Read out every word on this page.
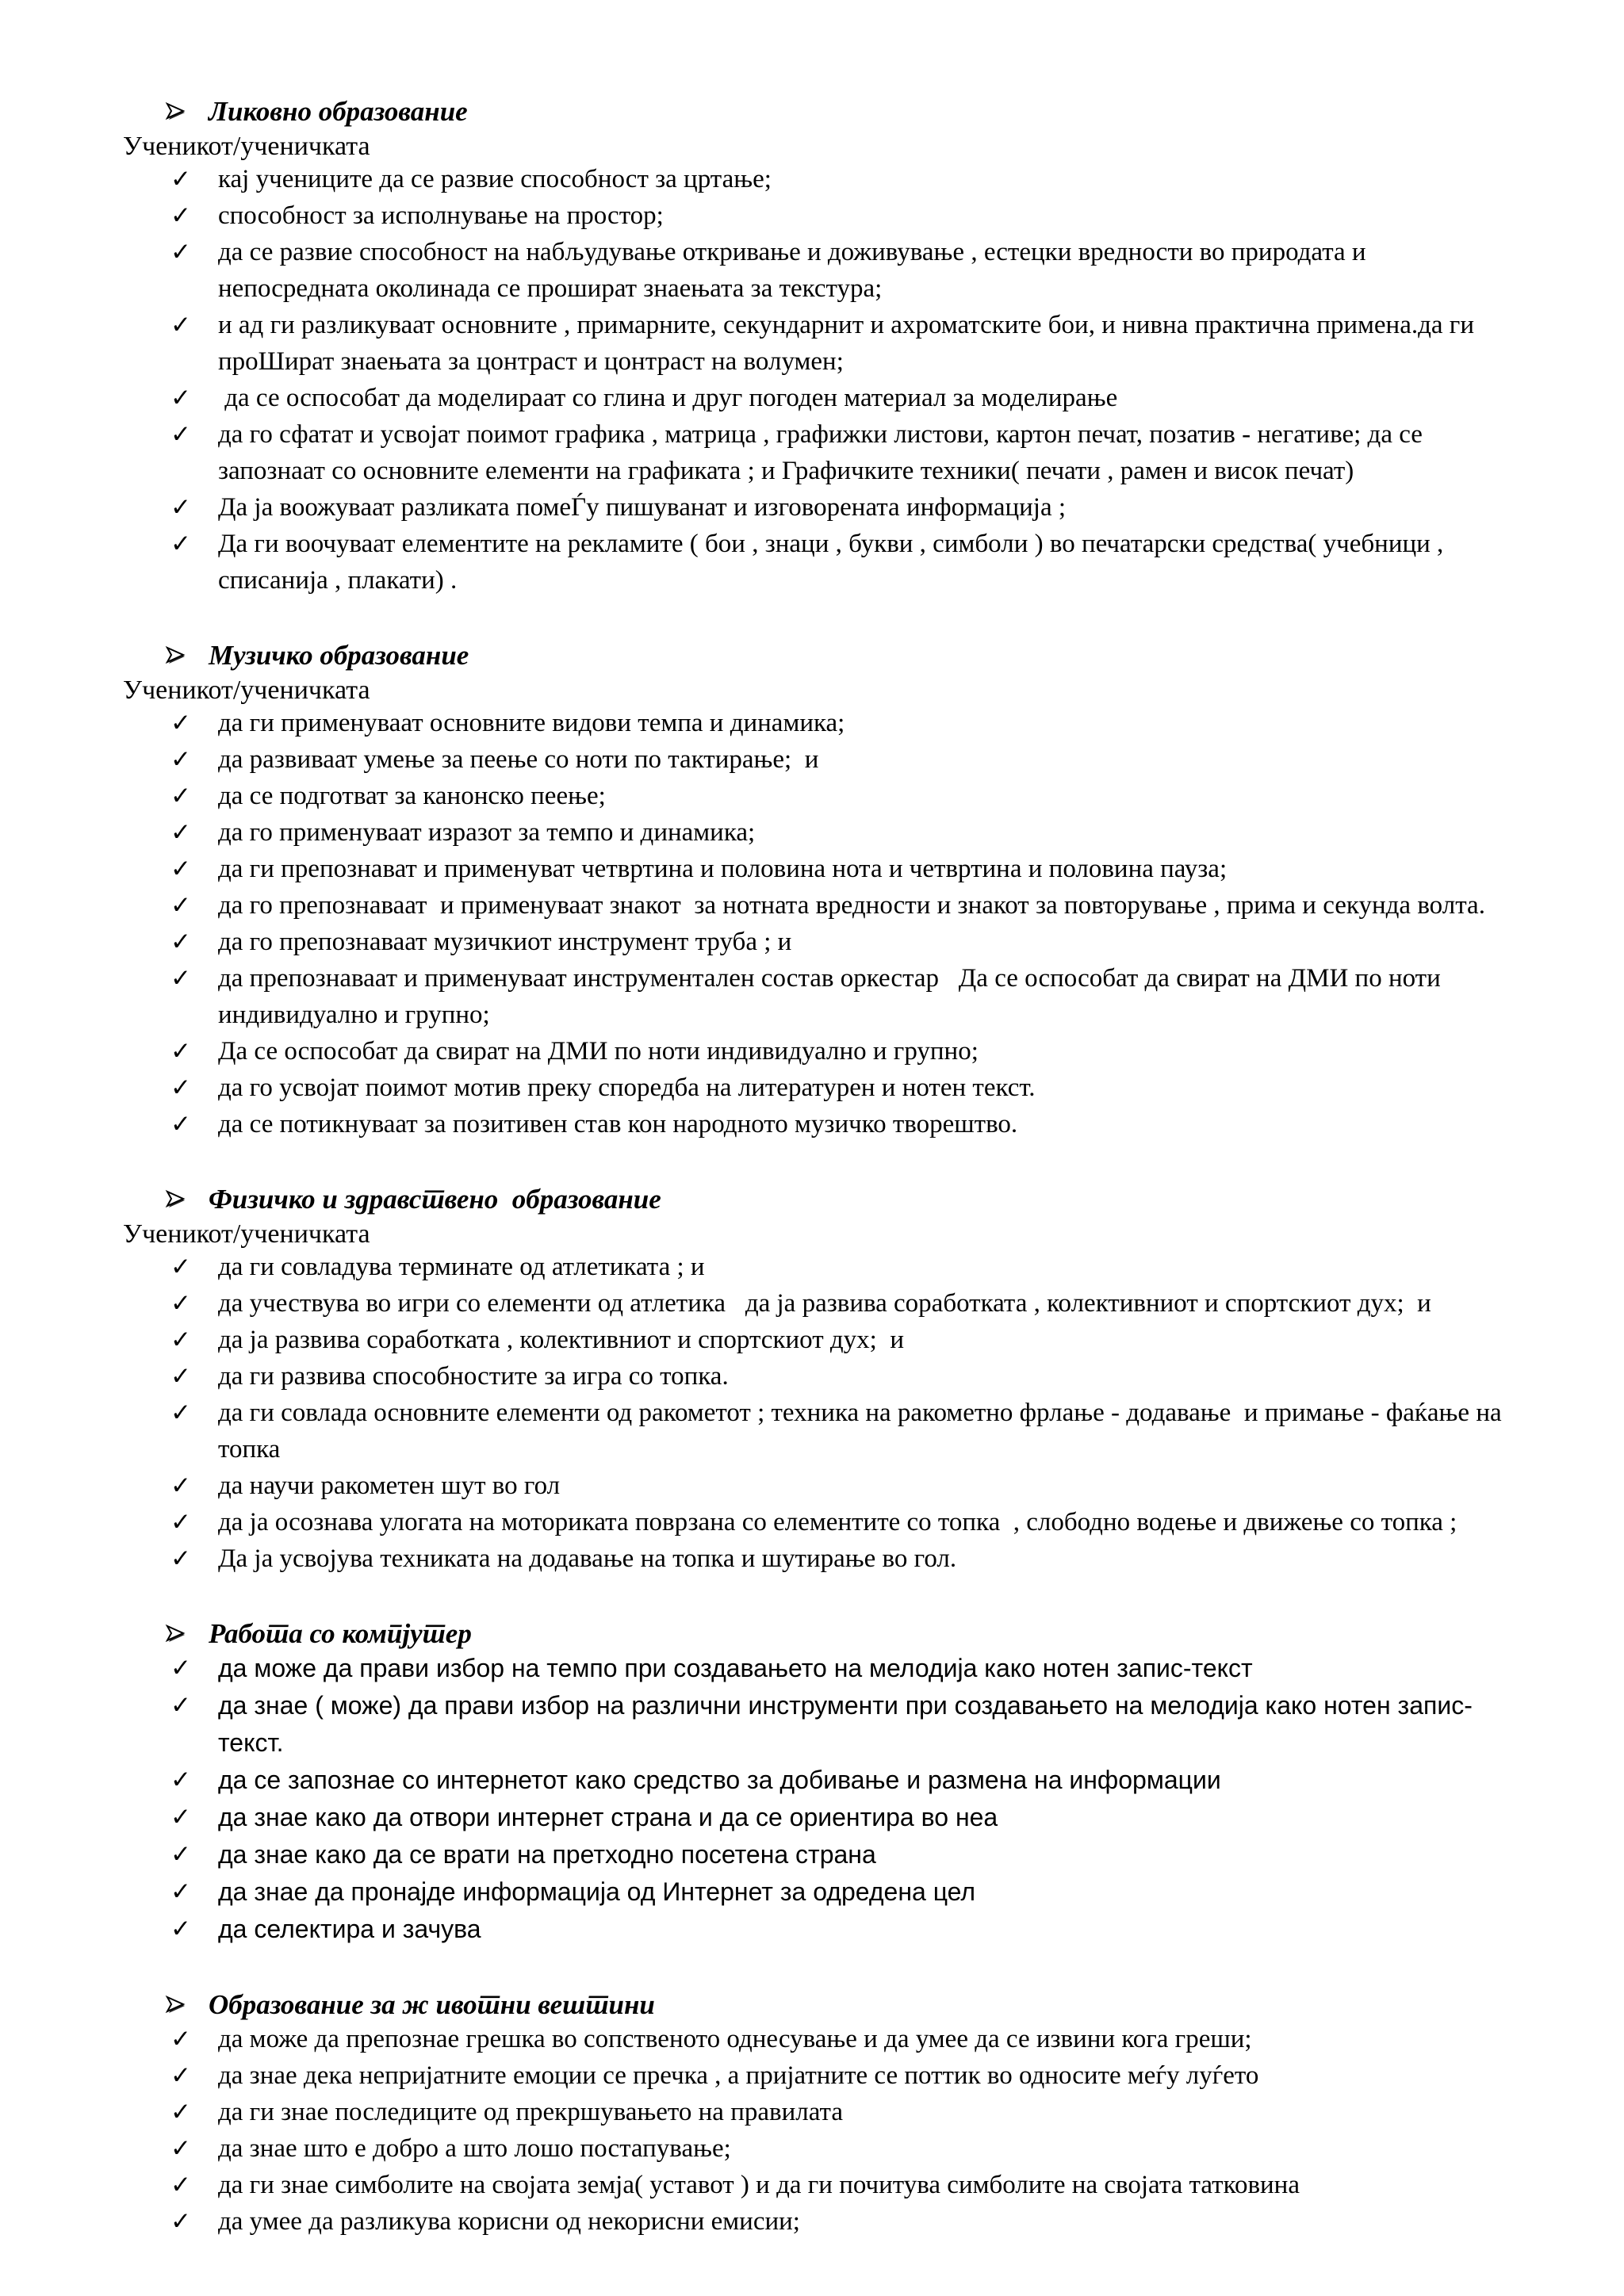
Ликовно образование

Ученикот/ученичката

✓ кај учениците да се развие способност за цртање;
✓ способност за исполнување на простор;
✓ да се развие способност на набљудување откривање и доживување , естецки вредности во природата и непосредната околинада се прошират знаењата за текстура;
✓ и ад ги разликуваат основните , примарните, секундарнит и ахроматските бои, и нивна практична примена.да ги проШират знаењата за цонтраст и цонтраст на волумен;
✓ да се оспособат да моделираат со глина и друг погоден материал за моделирање
✓ да го сфатат и усвојат поимот графика , матрица , графижки листови, картон печат, позатив - негативе; да се запознаат со основните елементи на графиката ; и Графичките техники( печати , рамен и висок печат)
✓ Да ја воожуваат разликата помеЃу пишуванат и изговорената информација ;
✓ Да ги воочуваат елементите на рекламите ( бои , знаци , букви , симболи ) во печатарски средства( учебници , списанија , плакати) .
Музичко образование

Ученикот/ученичката

✓ да ги применуваат основните видови темпа и динамика;
✓ да развиваат умење за пеење со ноти по тактирање;  и
✓ да се подготват за канонско пеење;
✓ да го применуваат изразот за темпо и динамика;
✓ да ги препознават и применуват четвртина и половина нота и четвртина и половина пауза;
✓ да го препознаваат  и применуваат знакот  за нотната вредности и знакот за повторување , прима и секунда волта.
✓ да го препознаваат музичкиот инструмент труба ; и
✓ да препознаваат и применуваат инструментален состав оркестар   Да се оспособат да свират на ДМИ по ноти индивидуално и групно;
✓ Да се оспособат да свират на ДМИ по ноти индивидуално и групно;
✓ да го усвојат поимот мотив преку споредба на литературен и нотен текст.
✓ да се потикнуваат за позитивен став кон народното музичко творештво.
Физичко и здравствено  образование

Ученикот/ученичката

✓ да ги совладува терминате од атлетиката ; и
✓ да учествува во игри со елементи од атлетика   да ја развива соработката , колективниот и спортскиот дух;  и
✓ да ја развива соработката , колективниот и спортскиот дух;  и
✓ да ги развива способностите за игра со топка.
✓ да ги совлада основните елементи од ракометот ; техника на ракометно фрлање - додавање  и примање - фаќање на топка
✓ да научи ракометен шут во гол
✓ да ја осознава улогата на моториката поврзана со елементите со топка  , слободно водење и движење со топка ;
✓ Да ја усвојува техниката на додавање на топка и шутирање во гол.
Работа со компјутер
✓ да може да прави избор на темпо при создавањето на мелодија како нотен запис-текст
✓ да знае ( може) да прави избор на различни инструменти при создавањето на мелодија како нотен запис-текст.
✓ да се запознае со интернетот како средство за добивање и размена на информации
✓ да знае како да отвори интернет страна и да се ориентира во неа
✓ да знае како да се врати на претходно посетена страна
✓ да знае да пронајде информација од Интернет за одредена цел
✓ да селектира и зачува
Образование за ж ивотни вештини
✓ да може да препознае грешка во сопственото однесување и да умее да се извини кога греши;
✓ да знае дека непријатните емоции се пречка , а пријатните се поттик во односите меѓу луѓето
✓ да ги знае последиците од прекршувањето на правилата
✓ да знае што е добро а што лошо постапување;
✓ да ги знае симболите на својата земја( уставот ) и да ги почитува симболите на својата татковина
✓ да умее да разликува корисни од некорисни емисии;
